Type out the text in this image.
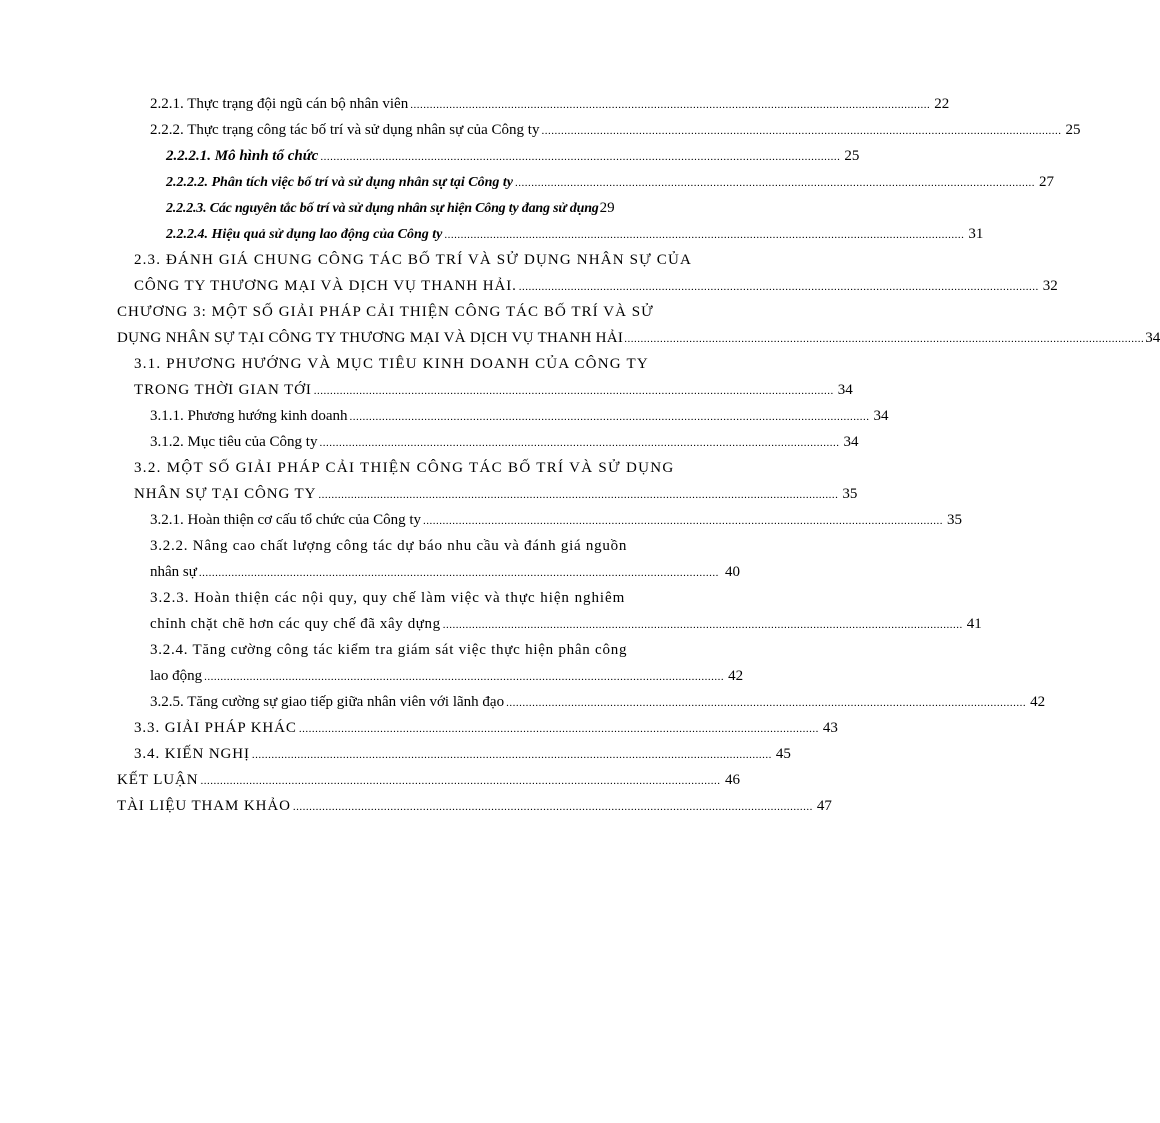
2.2.1. Thực trạng đội ngũ cán bộ nhân viên ................................................................................................................................................................ 22
2.2.2. Thực trạng công tác bố trí và sử dụng nhân sự của Công ty ................................................................................................................................................................ 25
2.2.2.1. Mô hình tổ chức ................................................................................................................................................................ 25
2.2.2.2. Phân tích việc bố trí và sử dụng nhân sự tại Công ty ................................................................................................................................................................ 27
2.2.2.3. Các nguyên tắc bố trí và sử dụng nhân sự hiện Công ty đang sử dụng 29
2.2.2.4. Hiệu quả sử dụng lao động của Công ty ................................................................................................................................................................ 31
2.3. ĐÁNH GIÁ CHUNG CÔNG TÁC BỐ TRÍ VÀ SỬ DỤNG NHÂN SỰ CỦA
CÔNG TY THƯƠNG MẠI VÀ DỊCH VỤ THANH HẢI. ................................................................................................................................................................ 32
CHƯƠNG 3: MỘT SỐ GIẢI PHÁP CẢI THIỆN CÔNG TÁC BỐ TRÍ VÀ SỬ
DỤNG NHÂN SỰ TẠI CÔNG TY THƯƠNG MẠI VÀ DỊCH VỤ THANH HẢI ................................................................................................................................................................ 34
3.1. PHƯƠNG HƯỚNG VÀ MỤC TIÊU KINH DOANH CỦA CÔNG TY
TRONG THỜI GIAN TỚI ................................................................................................................................................................ 34
3.1.1. Phương hướng kinh doanh ................................................................................................................................................................ 34
3.1.2. Mục tiêu của Công ty ................................................................................................................................................................ 34
3.2. MỘT SỐ GIẢI PHÁP CẢI THIỆN CÔNG TÁC BỐ TRÍ VÀ SỬ DỤNG
NHÂN SỰ TẠI CÔNG TY ................................................................................................................................................................ 35
3.2.1. Hoàn thiện cơ cấu tổ chức của Công ty ................................................................................................................................................................ 35
3.2.2. Nâng cao chất lượng công tác dự báo nhu cầu và đánh giá nguồn
nhân sự ................................................................................................................................................................ 40
3.2.3. Hoàn thiện các nội quy, quy chế làm việc và thực hiện nghiêm
chỉnh chặt chẽ hơn các quy chế đã xây dựng ................................................................................................................................................................ 41
3.2.4. Tăng cường công tác kiểm tra giám sát việc thực hiện phân công
lao động ................................................................................................................................................................ 42
3.2.5. Tăng cường sự giao tiếp giữa nhân viên với lãnh đạo ................................................................................................................................................................ 42
3.3. GIẢI PHÁP KHÁC ................................................................................................................................................................ 43
3.4. KIẾN NGHỊ ................................................................................................................................................................ 45
KẾT LUẬN ................................................................................................................................................................ 46
TÀI LIỆU THAM KHẢO ................................................................................................................................................................ 47
